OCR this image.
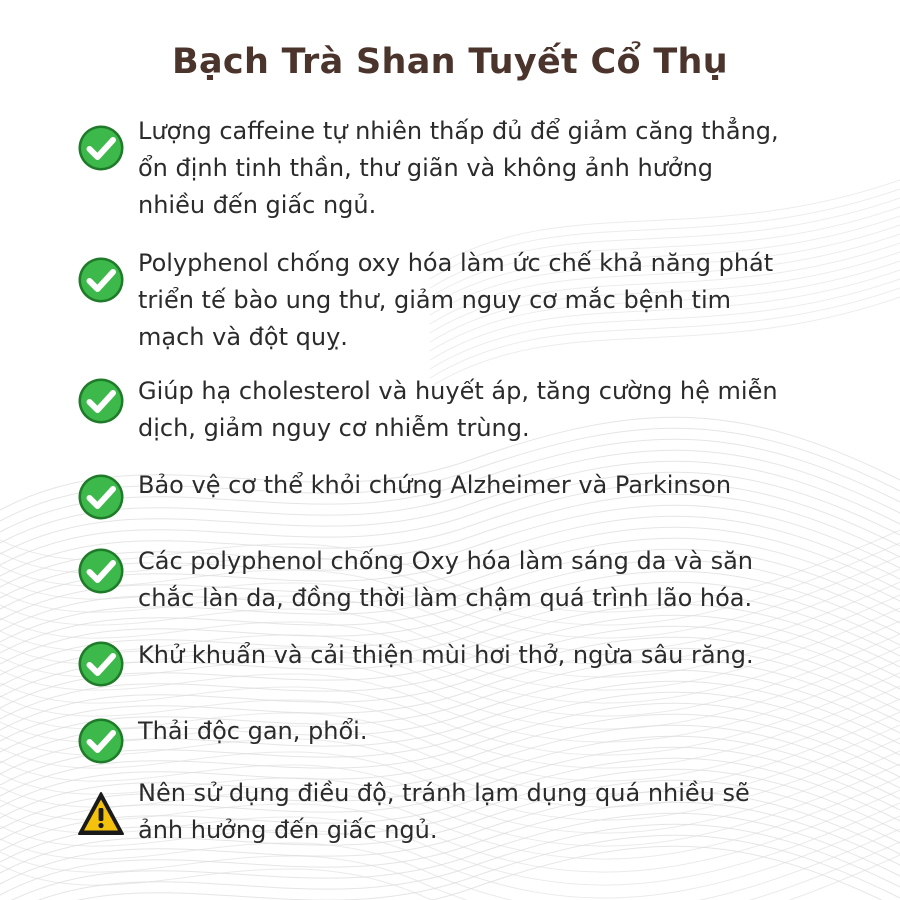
Bạch Trà Shan Tuyết Cổ Thụ

Lượng caffeine tự nhiên thấp đủ để giảm căng thẳng,
ổn định tinh thần, thư giãn và không ảnh hưởng
nhiều đến giấc ngủ.

Polyphenol chống oxy hóa làm ức chế khả năng phát
triển tế bào ung thư, giảm nguy cơ mắc bệnh tim
mạch và đột quỵ.

Giúp hạ cholesterol và huyết áp, tăng cường hệ miễn
dịch, giảm nguy cơ nhiễm trùng.

Bảo vệ cơ thể khỏi chứng Alzheimer và Parkinson

Các polyphenol chống Oxy hóa làm sáng da và săn
chắc làn da, đồng thời làm chậm quá trình lão hóa.

Khử khuẩn và cải thiện mùi hơi thở, ngừa sâu răng.

Thải độc gan, phổi.

Nên sử dụng điều độ, tránh lạm dụng quá nhiều sẽ
ảnh hưởng đến giấc ngủ.
